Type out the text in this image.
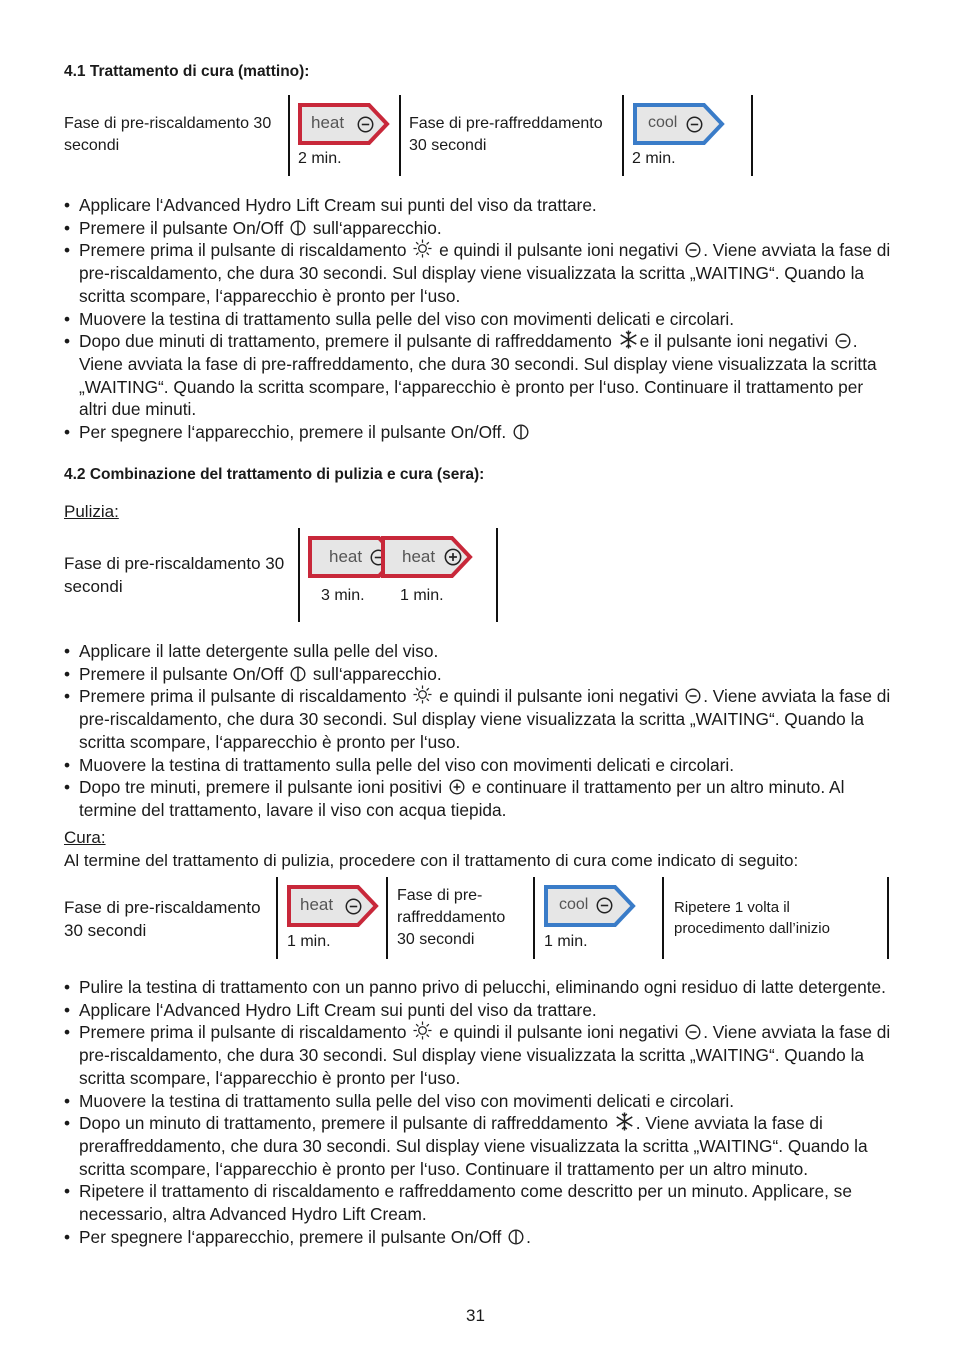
4.1 Trattamento di cura (mattino):
Fase di pre-riscaldamento 30 secondi
heat
2 min.
Fase di pre-raffreddamento 30 secondi
cool
2 min.
• Applicare l‘Advanced Hydro Lift Cream sui punti del viso da trattare.
• Premere il pulsante On/Off sull‘apparecchio.
• Premere prima il pulsante di riscaldamento e quindi il pulsante ioni negativi . Viene avviata la fase di pre-riscaldamento, che dura 30 secondi. Sul display viene visualizzata la scritta „WAITING“. Quando la scritta scompare, l‘apparecchio è pronto per l‘uso.
• Muovere la testina di trattamento sulla pelle del viso con movimenti delicati e circolari.
• Dopo due minuti di trattamento, premere il pulsante di raffreddamento e il pulsante ioni negativi . Viene avviata la fase di pre-raffreddamento, che dura 30 secondi. Sul display viene visualizzata la scritta „WAITING“. Quando la scritta scompare, l‘apparecchio è pronto per l‘uso. Continuare il trattamento per altri due minuti.
• Per spegnere l‘apparecchio, premere il pulsante On/Off.
4.2 Combinazione del trattamento di pulizia e cura (sera):
Pulizia:
Fase di pre-riscaldamento 30 secondi
heat heat
3 min. 1 min.
• Applicare il latte detergente sulla pelle del viso.
• Premere il pulsante On/Off sull‘apparecchio.
• Premere prima il pulsante di riscaldamento e quindi il pulsante ioni negativi . Viene avviata la fase di pre-riscaldamento, che dura 30 secondi. Sul display viene visualizzata la scritta „WAITING“. Quando la scritta scompare, l‘apparecchio è pronto per l‘uso.
• Muovere la testina di trattamento sulla pelle del viso con movimenti delicati e circolari.
• Dopo tre minuti, premere il pulsante ioni positivi e continuare il trattamento per un altro minuto. Al termine del trattamento, lavare il viso con acqua tiepida.
Cura:
Al termine del trattamento di pulizia, procedere con il trattamento di cura come indicato di seguito:
Fase di pre-riscaldamento 30 secondi
heat
1 min.
Fase di pre-raffreddamento 30 secondi
cool
1 min.
Ripetere 1 volta il procedimento dall’inizio
• Pulire la testina di trattamento con un panno privo di pelucchi, eliminando ogni residuo di latte detergente.
• Applicare l‘Advanced Hydro Lift Cream sui punti del viso da trattare.
• Premere prima il pulsante di riscaldamento e quindi il pulsante ioni negativi . Viene avviata la fase di pre-riscaldamento, che dura 30 secondi. Sul display viene visualizzata la scritta „WAITING“. Quando la scritta scompare, l‘apparecchio è pronto per l‘uso.
• Muovere la testina di trattamento sulla pelle del viso con movimenti delicati e circolari.
• Dopo un minuto di trattamento, premere il pulsante di raffreddamento . Viene avviata la fase di preraffreddamento, che dura 30 secondi. Sul display viene visualizzata la scritta „WAITING“. Quando la scritta scompare, l‘apparecchio è pronto per l‘uso. Continuare il trattamento per un altro minuto.
• Ripetere il trattamento di riscaldamento e raffreddamento come descritto per un minuto. Applicare, se necessario, altra Advanced Hydro Lift Cream.
• Per spegnere l‘apparecchio, premere il pulsante On/Off .
31
